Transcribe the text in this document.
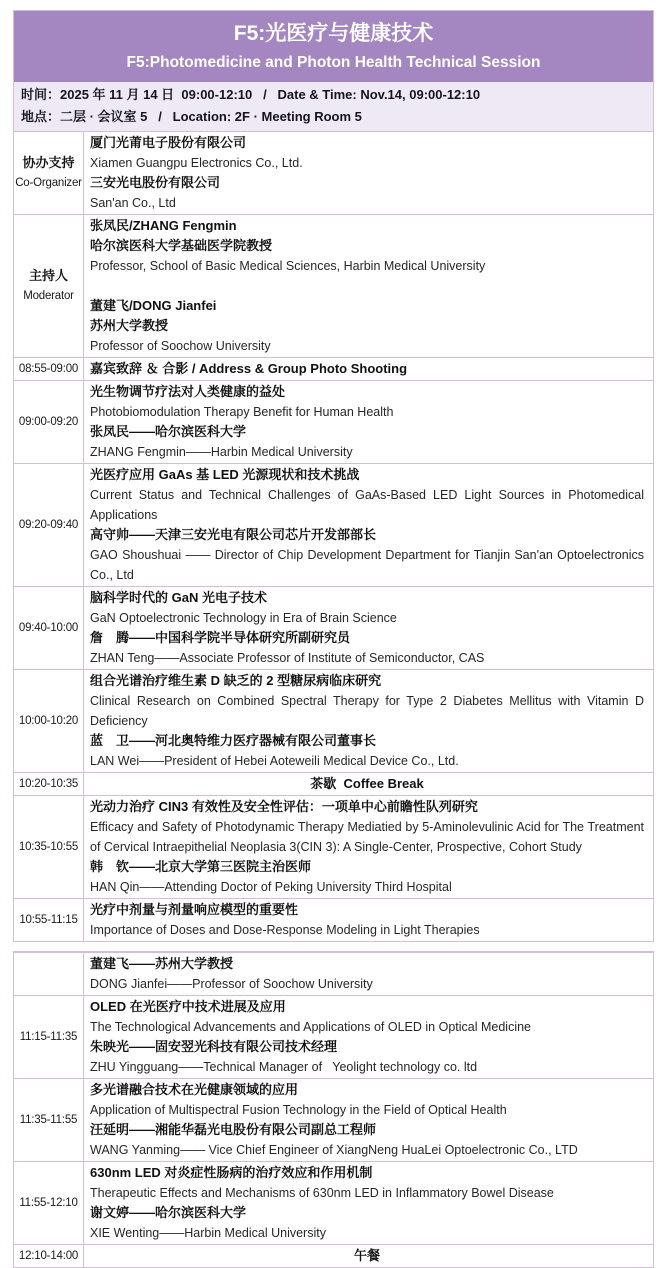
F5:光医疗与健康技术
F5:Photomedicine and Photon Health Technical Session
时间：2025 年 11 月 14 日  09:00-12:10   /   Date & Time: Nov.14, 09:00-12:10
地点：二层 · 会议室 5   /   Location: 2F · Meeting Room 5
协办支持
Co-Organizer
厦门光莆电子股份有限公司
Xiamen Guangpu Electronics Co., Ltd.
三安光电股份有限公司
San'an Co., Ltd
主持人
Moderator
张凤民/ZHANG Fengmin
哈尔滨医科大学基础医学院教授
Professor, School of Basic Medical Sciences, Harbin Medical University

董建飞/DONG Jianfei
苏州大学教授
Professor of Soochow University
08:55-09:00 嘉宾致辞 ＆ 合影 / Address & Group Photo Shooting
09:00-09:20
光生物调节疗法对人类健康的益处
Photobiomodulation Therapy Benefit for Human Health
张凤民——哈尔滨医科大学
ZHANG Fengmin——Harbin Medical University
09:20-09:40
光医疗应用 GaAs 基 LED 光源现状和技术挑战
Current Status and Technical Challenges of GaAs-Based LED Light Sources in Photomedical Applications
高守帅——天津三安光电有限公司芯片开发部部长
GAO Shoushuai —— Director of Chip Development Department for Tianjin San'an Optoelectronics Co., Ltd
09:40-10:00
脑科学时代的 GaN 光电子技术
GaN Optoelectronic Technology in Era of Brain Science
詹　腾——中国科学院半导体研究所副研究员
ZHAN Teng——Associate Professor of Institute of Semiconductor, CAS
10:00-10:20
组合光谱治疗维生素 D 缺乏的 2 型糖尿病临床研究
Clinical Research on Combined Spectral Therapy for Type 2 Diabetes Mellitus with Vitamin D Deficiency
蓝　卫——河北奥特维力医疗器械有限公司董事长
LAN Wei——President of Hebei Aoteweili Medical Device Co., Ltd.
10:20-10:35	茶歇  Coffee Break
10:35-10:55
光动力治疗 CIN3 有效性及安全性评估：一项单中心前瞻性队列研究
Efficacy and Safety of Photodynamic Therapy Mediatied by 5-Aminolevulinic Acid for The Treatment of Cervical Intraepithelial Neoplasia 3(CIN 3): A Single-Center, Prospective, Cohort Study
韩　钦——北京大学第三医院主治医师
HAN Qin——Attending Doctor of Peking University Third Hospital
10:55-11:15
光疗中剂量与剂量响应模型的重要性
Importance of Doses and Dose-Response Modeling in Light Therapies
董建飞——苏州大学教授
DONG Jianfei——Professor of Soochow University
11:15-11:35
OLED 在光医疗中技术进展及应用
The Technological Advancements and Applications of OLED in Optical Medicine
朱映光——固安翌光科技有限公司技术经理
ZHU Yingguang——Technical Manager of   Yeolight technology co. ltd
11:35-11:55
多光谱融合技术在光健康领域的应用
Application of Multispectral Fusion Technology in the Field of Optical Health
汪延明——湘能华磊光电股份有限公司副总工程师
WANG Yanming—— Vice Chief Engineer of XiangNeng HuaLei Optoelectronic Co., LTD
11:55-12:10
630nm LED 对炎症性肠病的治疗效应和作用机制
Therapeutic Effects and Mechanisms of 630nm LED in Inflammatory Bowel Disease
谢文婷——哈尔滨医科大学
XIE Wenting——Harbin Medical University
12:10-14:00	午餐
